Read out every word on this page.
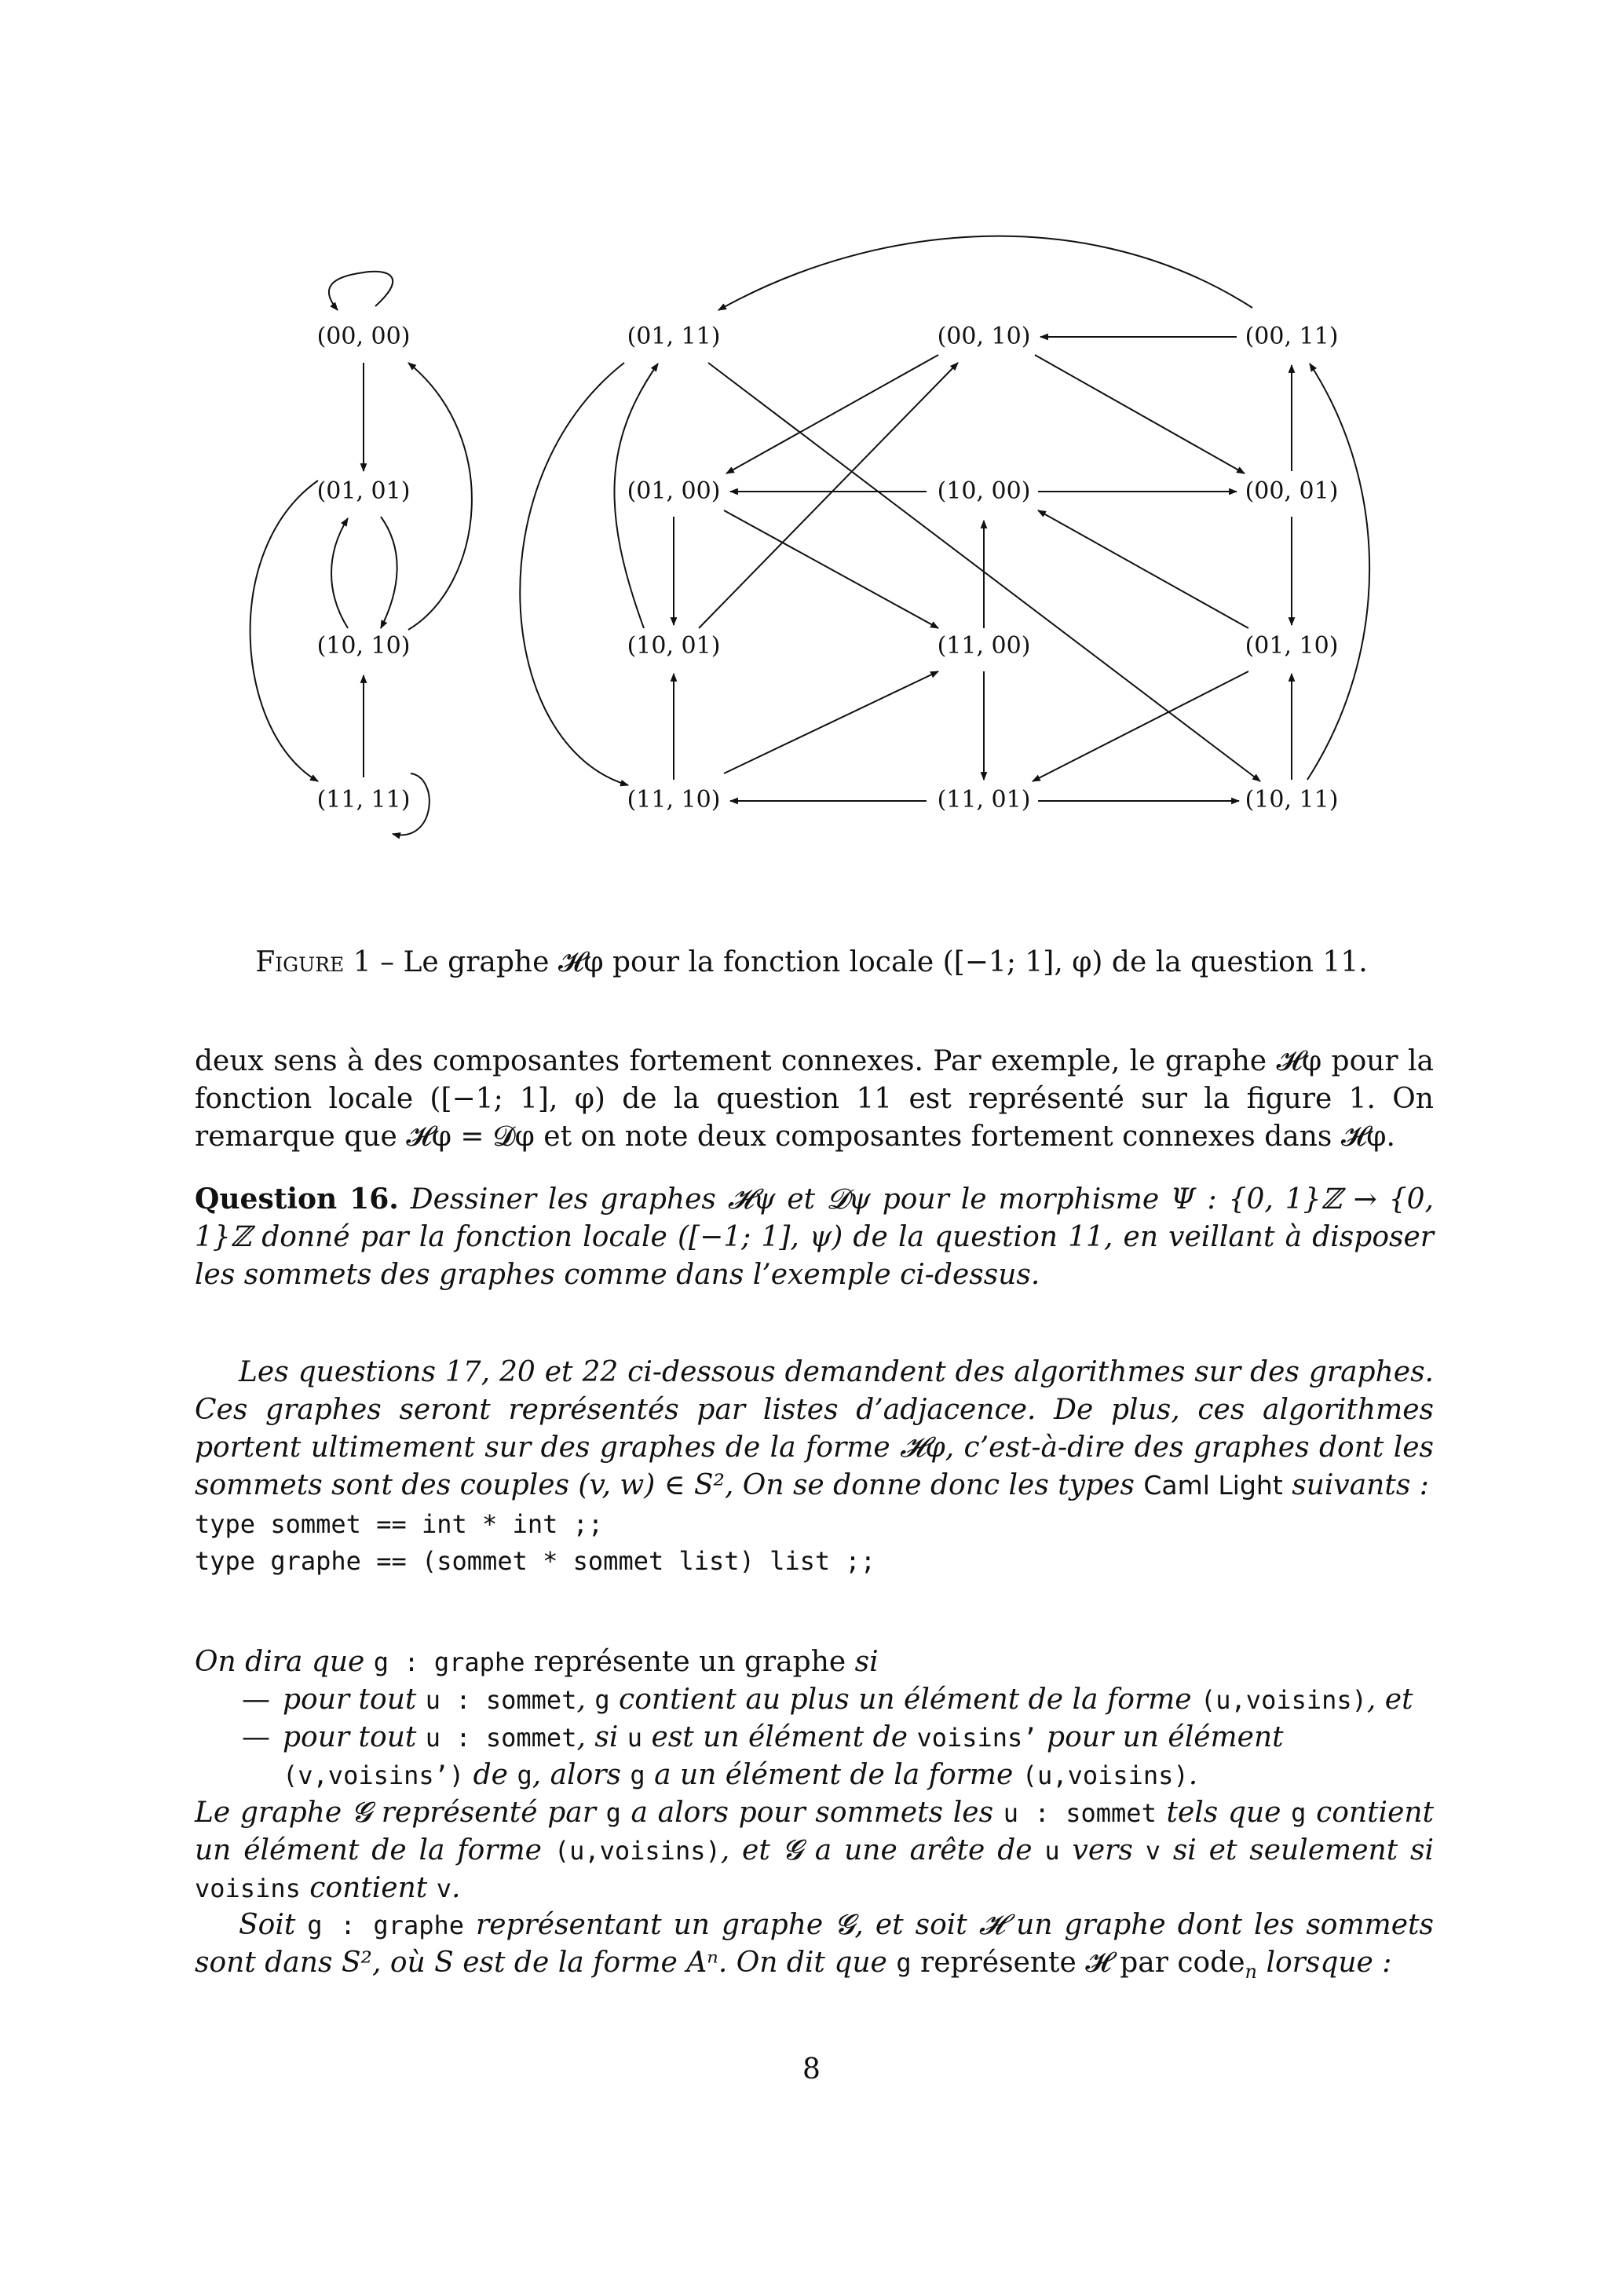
(00, 00)
(01, 01)
(10, 10)
(11, 11)
(01, 11)	(00, 10)	(00, 11)
(01, 00)	(10, 00)	(00, 01)
(10, 01)	(11, 00)	(01, 10)
(11, 10)	(11, 01)	(10, 11)
Figure 1 – Le graphe 𝓗φ pour la fonction locale ([−1; 1], φ) de la question 11.

deux sens à des composantes fortement connexes. Par exemple, le graphe 𝓗φ pour la fonction locale ([−1; 1], φ) de la question 11 est représenté sur la figure 1. On remarque que 𝓗φ = 𝓓φ et on note deux composantes fortement connexes dans 𝓗φ.

Question 16. Dessiner les graphes 𝓗ψ et 𝓓ψ pour le morphisme Ψ : {0, 1}ℤ → {0, 1}ℤ donné par la fonction locale ([−1; 1], ψ) de la question 11, en veillant à disposer les sommets des graphes comme dans l’exemple ci-dessus.

Les questions 17, 20 et 22 ci-dessous demandent des algorithmes sur des graphes. Ces graphes seront représentés par listes d’adjacence. De plus, ces algorithmes portent ultimement sur des graphes de la forme 𝓗φ, c’est-à-dire des graphes dont les sommets sont des couples (v, w) ∈ S², On se donne donc les types Caml Light suivants :

type sommet == int * int ;;
type graphe == (sommet * sommet list) list ;;

On dira que g : graphe représente un graphe si

— pour tout u : sommet, g contient au plus un élément de la forme (u,voisins), et
— pour tout u : sommet, si u est un élément de voisins’ pour un élément (v,voisins’) de g, alors g a un élément de la forme (u,voisins).

Le graphe 𝓖 représenté par g a alors pour sommets les u : sommet tels que g contient un élément de la forme (u,voisins), et 𝓖 a une arête de u vers v si et seulement si voisins contient v.

Soit g : graphe représentant un graphe 𝓖, et soit 𝓗 un graphe dont les sommets sont dans S², où S est de la forme Aⁿ. On dit que g représente 𝓗 par code$_n$ lorsque :

8
